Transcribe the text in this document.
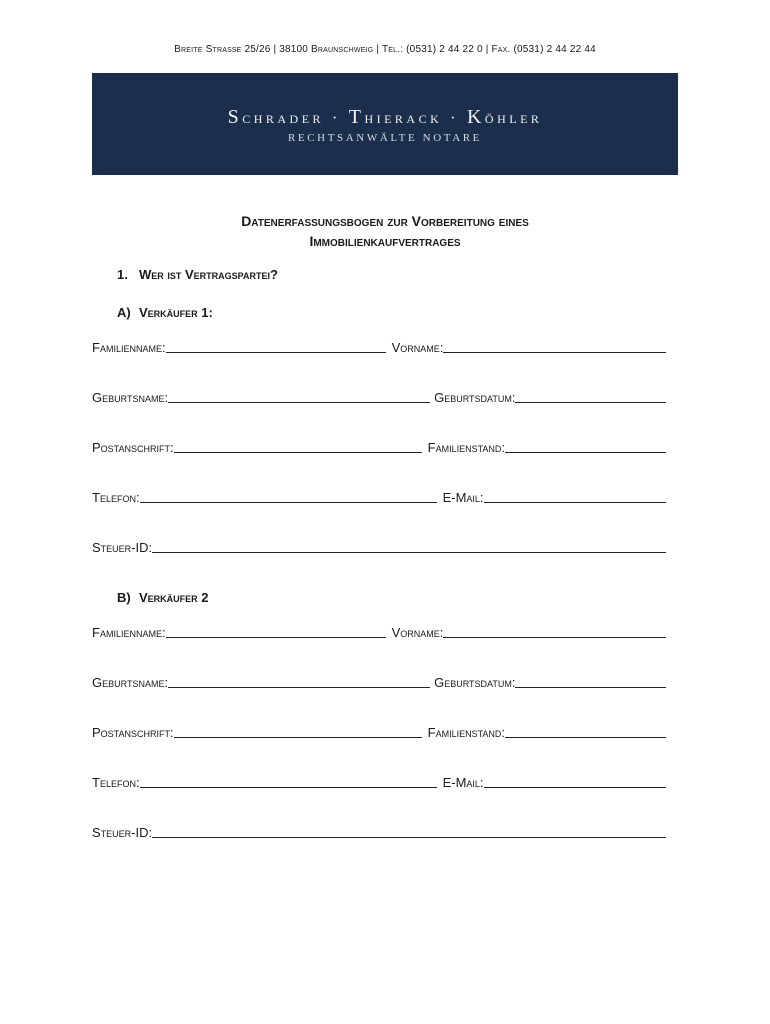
Breite Straße 25/26 | 38100 Braunschweig | Tel.: (0531) 2 44 22 0 | Fax. (0531) 2 44 22 44
Schrader · Thierack · Köhler
RECHTSANWÄLTE NOTARE
Datenerfassungsbogen zur Vorbereitung eines
Immobilienkaufvertrages
1. Wer ist Vertragspartei?
A) Verkäufer 1:
Familienname:	Vorname:
Geburtsname:	Geburtsdatum:
Postanschrift:	Familienstand:
Telefon:	E-Mail:
Steuer-ID:
B) Verkäufer 2
Familienname:	Vorname:
Geburtsname:	Geburtsdatum:
Postanschrift:	Familienstand:
Telefon:	E-Mail:
Steuer-ID:
